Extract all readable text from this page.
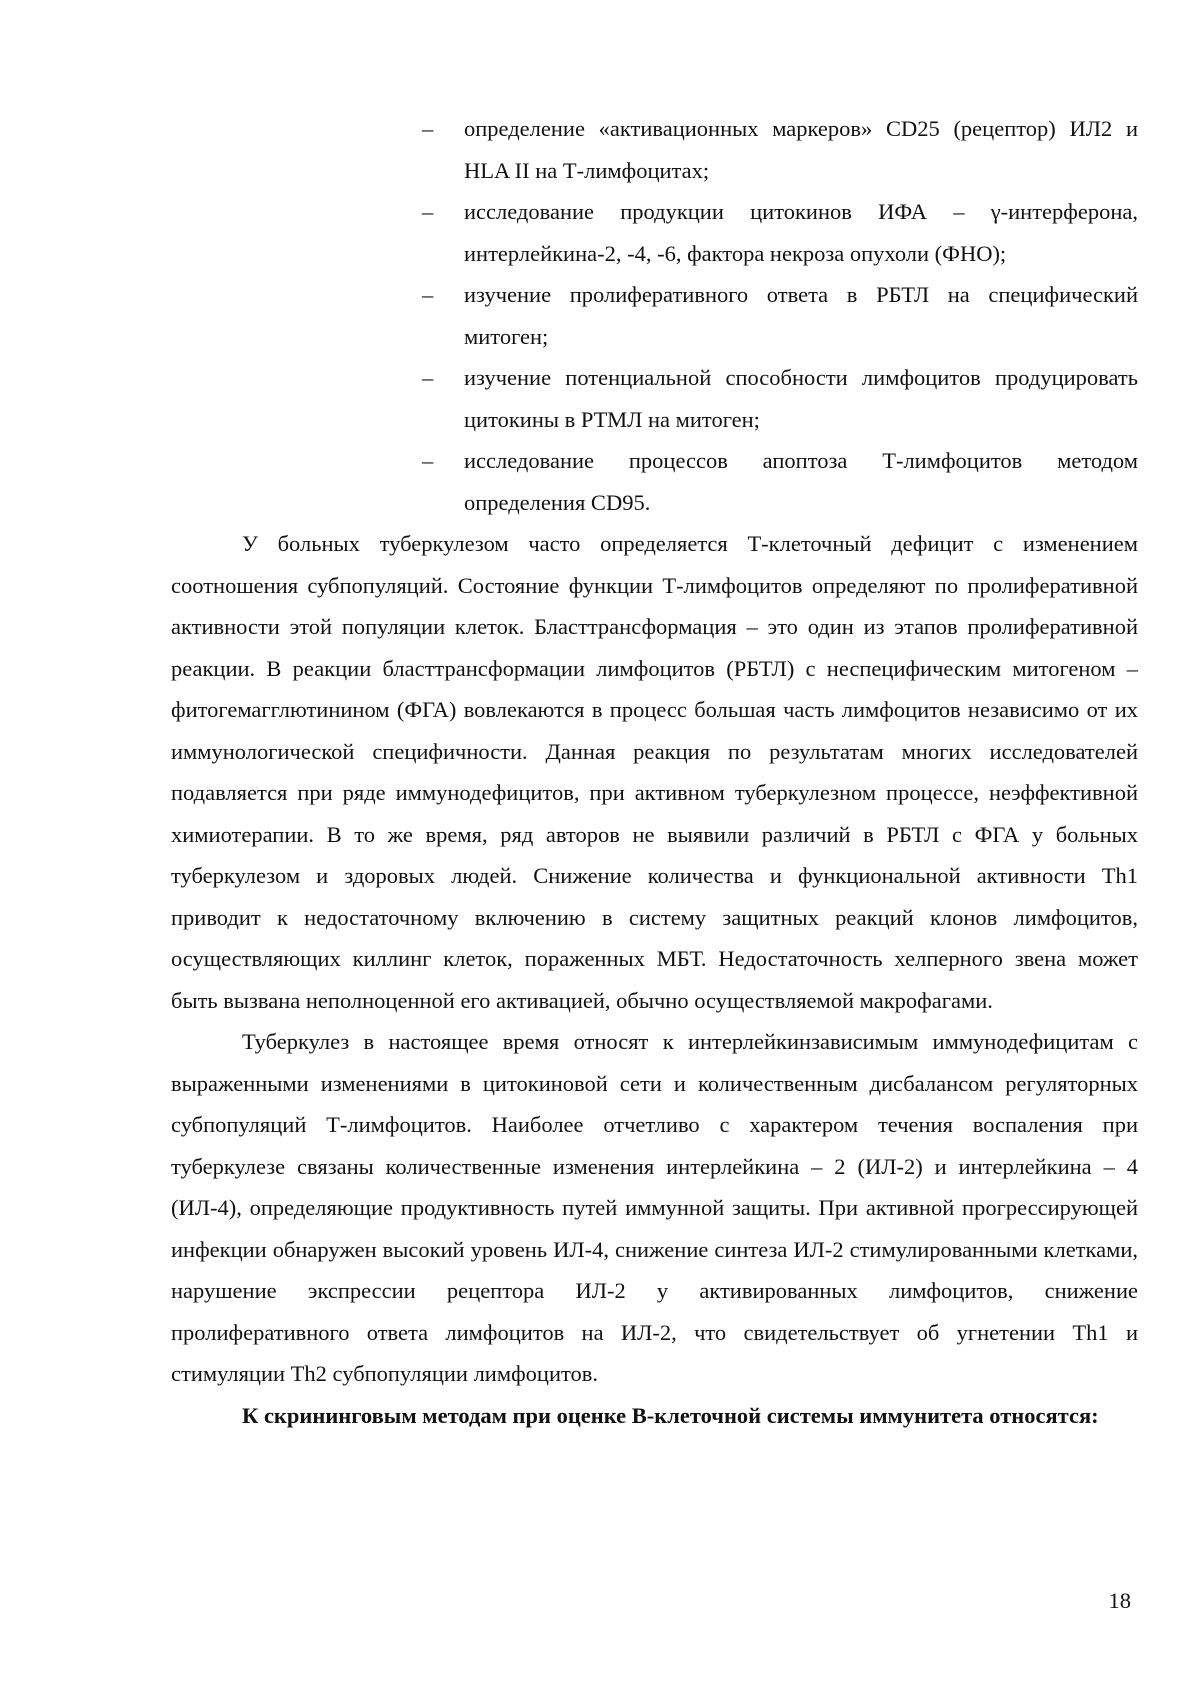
–	определение «активационных маркеров» CD25 (рецептор) ИЛ2 и HLA II на Т-лимфоцитах;
–	исследование продукции цитокинов ИФА – γ-интерферона, интерлейкина-2, -4, -6, фактора некроза опухоли (ФНО);
–	изучение пролиферативного ответа в РБТЛ на специфический митоген;
–	изучение потенциальной способности лимфоцитов продуцировать цитокины в РТМЛ на митоген;
–	исследование процессов апоптоза Т-лимфоцитов методом определения CD95.

У больных туберкулезом часто определяется Т-клеточный дефицит с изменением соотношения субпопуляций. Состояние функции Т-лимфоцитов определяют по пролиферативной активности этой популяции клеток. Бласттрансформация – это один из этапов пролиферативной реакции. В реакции бласттрансформации лимфоцитов (РБТЛ) с неспецифическим митогеном – фитогемагглютинином (ФГА) вовлекаются в процесс большая часть лимфоцитов независимо от их иммунологической специфичности. Данная реакция по результатам многих исследователей подавляется при ряде иммунодефицитов, при активном туберкулезном процессе, неэффективной химиотерапии. В то же время, ряд авторов не выявили различий в РБТЛ с ФГА у больных туберкулезом и здоровых людей. Снижение количества и функциональной активности Th1 приводит к недостаточному включению в систему защитных реакций клонов лимфоцитов, осуществляющих киллинг клеток, пораженных МБТ. Недостаточность хелперного звена может быть вызвана неполноценной его активацией, обычно осуществляемой макрофагами.

Туберкулез в настоящее время относят к интерлейкинзависимым иммунодефицитам с выраженными изменениями в цитокиновой сети и количественным дисбалансом регуляторных субпопуляций Т-лимфоцитов. Наиболее отчетливо с характером течения воспаления при туберкулезе связаны количественные изменения интерлейкина – 2 (ИЛ-2) и интерлейкина – 4 (ИЛ-4), определяющие продуктивность путей иммунной защиты. При активной прогрессирующей инфекции обнаружен высокий уровень ИЛ-4, снижение синтеза ИЛ-2 стимулированными клетками, нарушение экспрессии рецептора ИЛ-2 у активированных лимфоцитов, снижение пролиферативного ответа лимфоцитов на ИЛ-2, что свидетельствует об угнетении Th1 и стимуляции Th2 субпопуляции лимфоцитов.

К скрининговым методам при оценке В-клеточной системы иммунитета относятся:

18
